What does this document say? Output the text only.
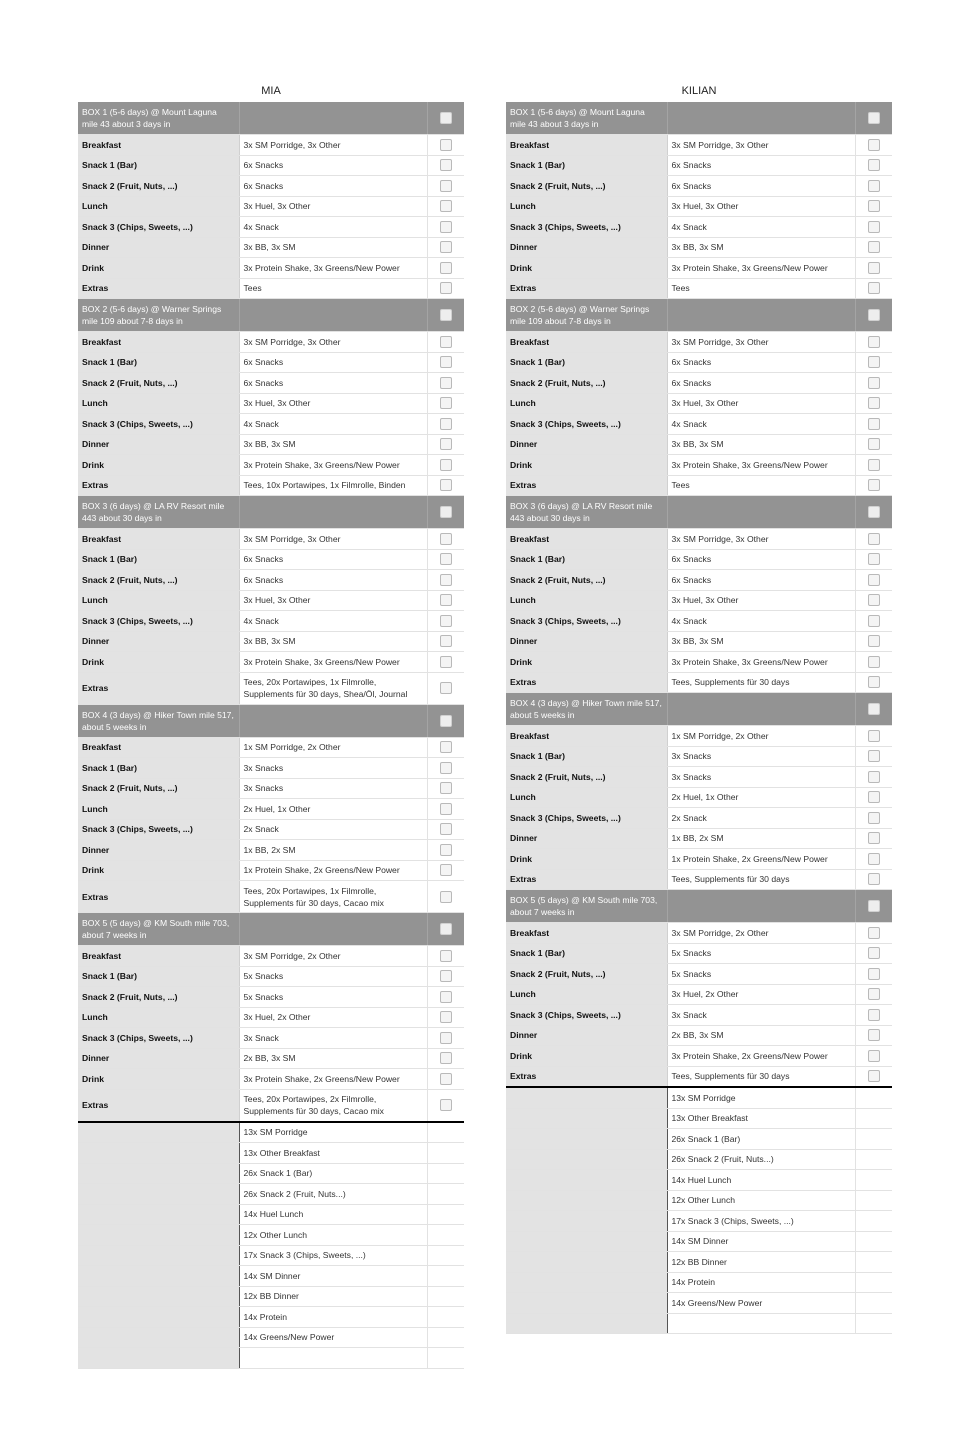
MIA
BOX 1 (5-6 days) @ Mount Laguna mile 43 about 3 days in		
Breakfast	3x SM Porridge, 3x Other	
Snack 1 (Bar)	6x Snacks	
Snack 2 (Fruit, Nuts, ...)	6x Snacks	
Lunch	3x Huel, 3x Other	
Snack 3 (Chips, Sweets, ...)	4x Snack	
Dinner	3x BB, 3x SM	
Drink	3x Protein Shake, 3x Greens/New Power	
Extras	Tees	
BOX 2 (5-6 days) @ Warner Springs mile 109 about 7-8 days in		
Breakfast	3x SM Porridge, 3x Other	
Snack 1 (Bar)	6x Snacks	
Snack 2 (Fruit, Nuts, ...)	6x Snacks	
Lunch	3x Huel, 3x Other	
Snack 3 (Chips, Sweets, ...)	4x Snack	
Dinner	3x BB, 3x SM	
Drink	3x Protein Shake, 3x Greens/New Power	
Extras	Tees, 10x Portawipes, 1x Filmrolle, Binden	
BOX 3 (6 days) @ LA RV Resort mile 443 about 30 days in		
Breakfast	3x SM Porridge, 3x Other	
Snack 1 (Bar)	6x Snacks	
Snack 2 (Fruit, Nuts, ...)	6x Snacks	
Lunch	3x Huel, 3x Other	
Snack 3 (Chips, Sweets, ...)	4x Snack	
Dinner	3x BB, 3x SM	
Drink	3x Protein Shake, 3x Greens/New Power	
Extras	Tees, 20x Portawipes, 1x Filmrolle, Supplements für 30 days, Shea/Öl, Journal	
BOX 4 (3 days) @ Hiker Town mile 517, about 5 weeks in		
Breakfast	1x SM Porridge, 2x Other	
Snack 1 (Bar)	3x Snacks	
Snack 2 (Fruit, Nuts, ...)	3x Snacks	
Lunch	2x Huel, 1x Other	
Snack 3 (Chips, Sweets, ...)	2x Snack	
Dinner	1x BB, 2x SM	
Drink	1x Protein Shake, 2x Greens/New Power	
Extras	Tees, 20x Portawipes, 1x Filmrolle, Supplements für 30 days, Cacao mix	
BOX 5 (5 days) @ KM South mile 703, about 7 weeks in		
Breakfast	3x SM Porridge, 2x Other	
Snack 1 (Bar)	5x Snacks	
Snack 2 (Fruit, Nuts, ...)	5x Snacks	
Lunch	3x Huel, 2x Other	
Snack 3 (Chips, Sweets, ...)	3x Snack	
Dinner	2x BB, 3x SM	
Drink	3x Protein Shake, 2x Greens/New Power	
Extras	Tees, 20x Portawipes, 2x Filmrolle, Supplements für 30 days, Cacao mix	
	13x SM Porridge	
	13x Other Breakfast	
	26x Snack 1 (Bar)	
	26x Snack 2 (Fruit, Nuts...)	
	14x Huel Lunch	
	12x Other Lunch	
	17x Snack 3 (Chips, Sweets, ...)	
	14x SM Dinner	
	12x BB Dinner	
	14x Protein	
	14x Greens/New Power	

KILIAN
BOX 1 (5-6 days) @ Mount Laguna mile 43 about 3 days in		
Breakfast	3x SM Porridge, 3x Other	
Snack 1 (Bar)	6x Snacks	
Snack 2 (Fruit, Nuts, ...)	6x Snacks	
Lunch	3x Huel, 3x Other	
Snack 3 (Chips, Sweets, ...)	4x Snack	
Dinner	3x BB, 3x SM	
Drink	3x Protein Shake, 3x Greens/New Power	
Extras	Tees	
BOX 2 (5-6 days) @ Warner Springs mile 109 about 7-8 days in		
Breakfast	3x SM Porridge, 3x Other	
Snack 1 (Bar)	6x Snacks	
Snack 2 (Fruit, Nuts, ...)	6x Snacks	
Lunch	3x Huel, 3x Other	
Snack 3 (Chips, Sweets, ...)	4x Snack	
Dinner	3x BB, 3x SM	
Drink	3x Protein Shake, 3x Greens/New Power	
Extras	Tees	
BOX 3 (6 days) @ LA RV Resort mile 443 about 30 days in		
Breakfast	3x SM Porridge, 3x Other	
Snack 1 (Bar)	6x Snacks	
Snack 2 (Fruit, Nuts, ...)	6x Snacks	
Lunch	3x Huel, 3x Other	
Snack 3 (Chips, Sweets, ...)	4x Snack	
Dinner	3x BB, 3x SM	
Drink	3x Protein Shake, 3x Greens/New Power	
Extras	Tees, Supplements für 30 days	
BOX 4 (3 days) @ Hiker Town mile 517, about 5 weeks in		
Breakfast	1x SM Porridge, 2x Other	
Snack 1 (Bar)	3x Snacks	
Snack 2 (Fruit, Nuts, ...)	3x Snacks	
Lunch	2x Huel, 1x Other	
Snack 3 (Chips, Sweets, ...)	2x Snack	
Dinner	1x BB, 2x SM	
Drink	1x Protein Shake, 2x Greens/New Power	
Extras	Tees, Supplements für 30 days	
BOX 5 (5 days) @ KM South mile 703, about 7 weeks in		
Breakfast	3x SM Porridge, 2x Other	
Snack 1 (Bar)	5x Snacks	
Snack 2 (Fruit, Nuts, ...)	5x Snacks	
Lunch	3x Huel, 2x Other	
Snack 3 (Chips, Sweets, ...)	3x Snack	
Dinner	2x BB, 3x SM	
Drink	3x Protein Shake, 2x Greens/New Power	
Extras	Tees, Supplements für 30 days	
	13x SM Porridge	
	13x Other Breakfast	
	26x Snack 1 (Bar)	
	26x Snack 2 (Fruit, Nuts...)	
	14x Huel Lunch	
	12x Other Lunch	
	17x Snack 3 (Chips, Sweets, ...)	
	14x SM Dinner	
	12x BB Dinner	
	14x Protein	
	14x Greens/New Power	
